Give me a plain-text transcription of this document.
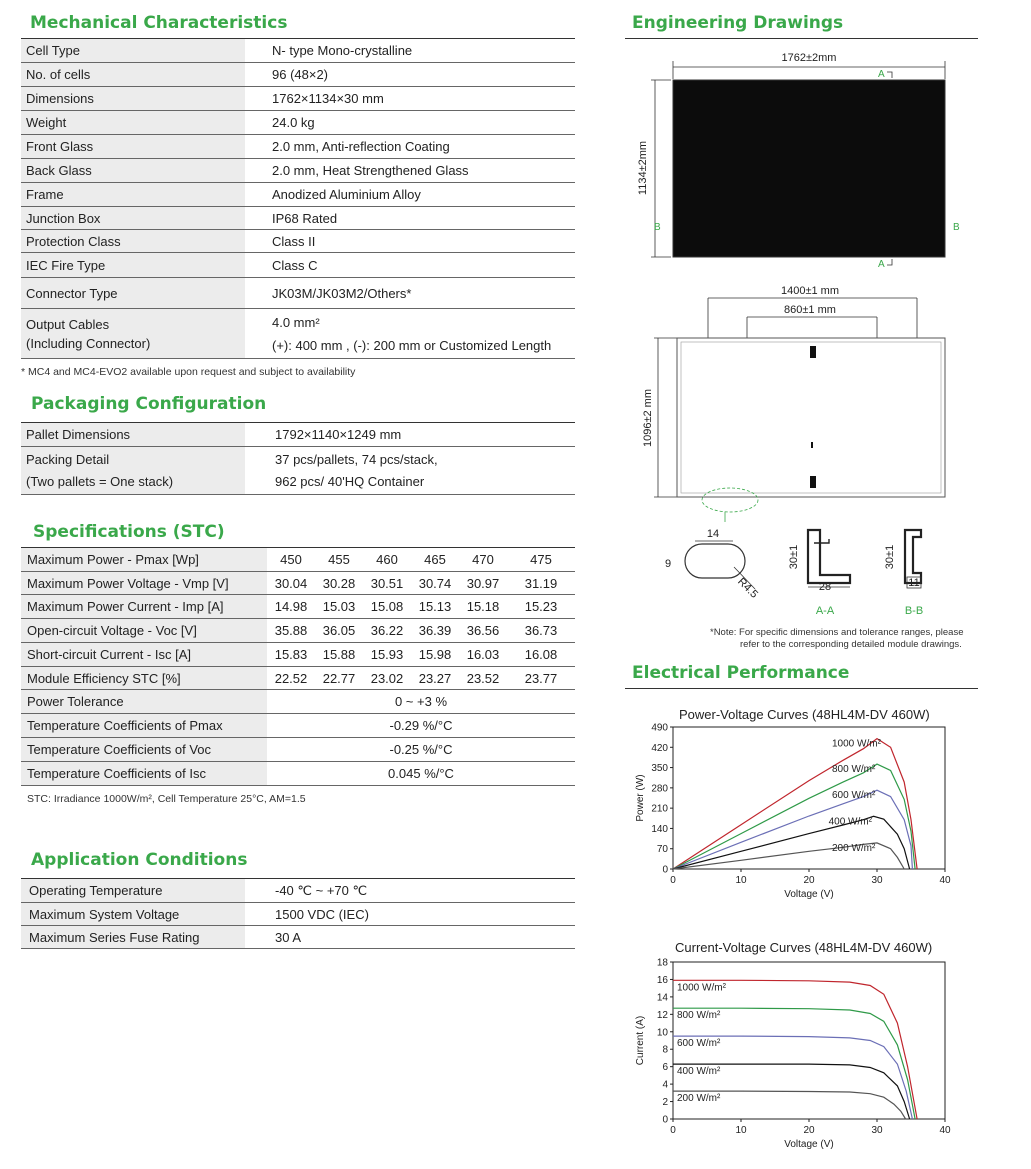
Mechanical Characteristics
Cell Type	N- type Mono-crystalline
No. of cells	96 (48×2)
Dimensions	1762×1134×30 mm
Weight	24.0 kg
Front Glass	2.0 mm, Anti-reflection Coating
Back Glass	2.0 mm, Heat Strengthened Glass
Frame	Anodized Aluminium Alloy
Junction Box	IP68 Rated
Protection Class	Class II
IEC Fire Type	Class C
Connector Type	JK03M/JK03M2/Others*
Output Cables
(Including Connector)	4.0 mm²
(+): 400 mm , (-): 200 mm or Customized Length
* MC4 and MC4-EVO2 available upon request and subject to availability
Packaging Configuration
Pallet Dimensions	1792×1140×1249 mm
Packing Detail
(Two pallets = One stack)	37 pcs/pallets, 74 pcs/stack,
962 pcs/ 40'HQ Container
Specifications (STC)
Maximum Power - Pmax [Wp]	450	455	460	465	470	475
Maximum Power Voltage - Vmp [V]	30.04	30.28	30.51	30.74	30.97	31.19
Maximum Power Current - Imp [A]	14.98	15.03	15.08	15.13	15.18	15.23
Open-circuit Voltage - Voc [V]	35.88	36.05	36.22	36.39	36.56	36.73
Short-circuit Current - Isc [A]	15.83	15.88	15.93	15.98	16.03	16.08
Module Efficiency STC [%]	22.52	22.77	23.02	23.27	23.52	23.77
Power Tolerance	0 ~ +3 %					
Temperature Coefficients of Pmax	-0.29 %/°C					
Temperature Coefficients of Voc	-0.25 %/°C					
Temperature Coefficients of Isc	0.045 %/°C					
STC: Irradiance 1000W/m², Cell Temperature 25°C, AM=1.5
Application Conditions
Operating Temperature	-40 ℃ ~ +70 ℃
Maximum System Voltage	1500 VDC (IEC)
Maximum Series Fuse Rating	30 A
Engineering Drawings
1762±2mm
1134±2mm
A
A
B	B
1400±1 mm
860±1 mm
1096±2 mm
14
9
R4.5
30±1
28
A-A
30±1
11
B-B
*Note: For specific dimensions and tolerance ranges, please
refer to the corresponding detailed module drawings.
Electrical Performance
Power-Voltage Curves (48HL4M-DV 460W)
0	10	20	30	40
0
70
140
210
280
350
420
490
Voltage (V)
Power (W)
1000 W/m²
800 W/m²
600 W/m²
400 W/m²
200 W/m²
Current-Voltage Curves (48HL4M-DV 460W)
0	10	20	30	40
0
2
4
6
8
10
12
14
16
18
Voltage (V)
Current (A)
1000 W/m²
800 W/m²
600 W/m²
400 W/m²
200 W/m²
